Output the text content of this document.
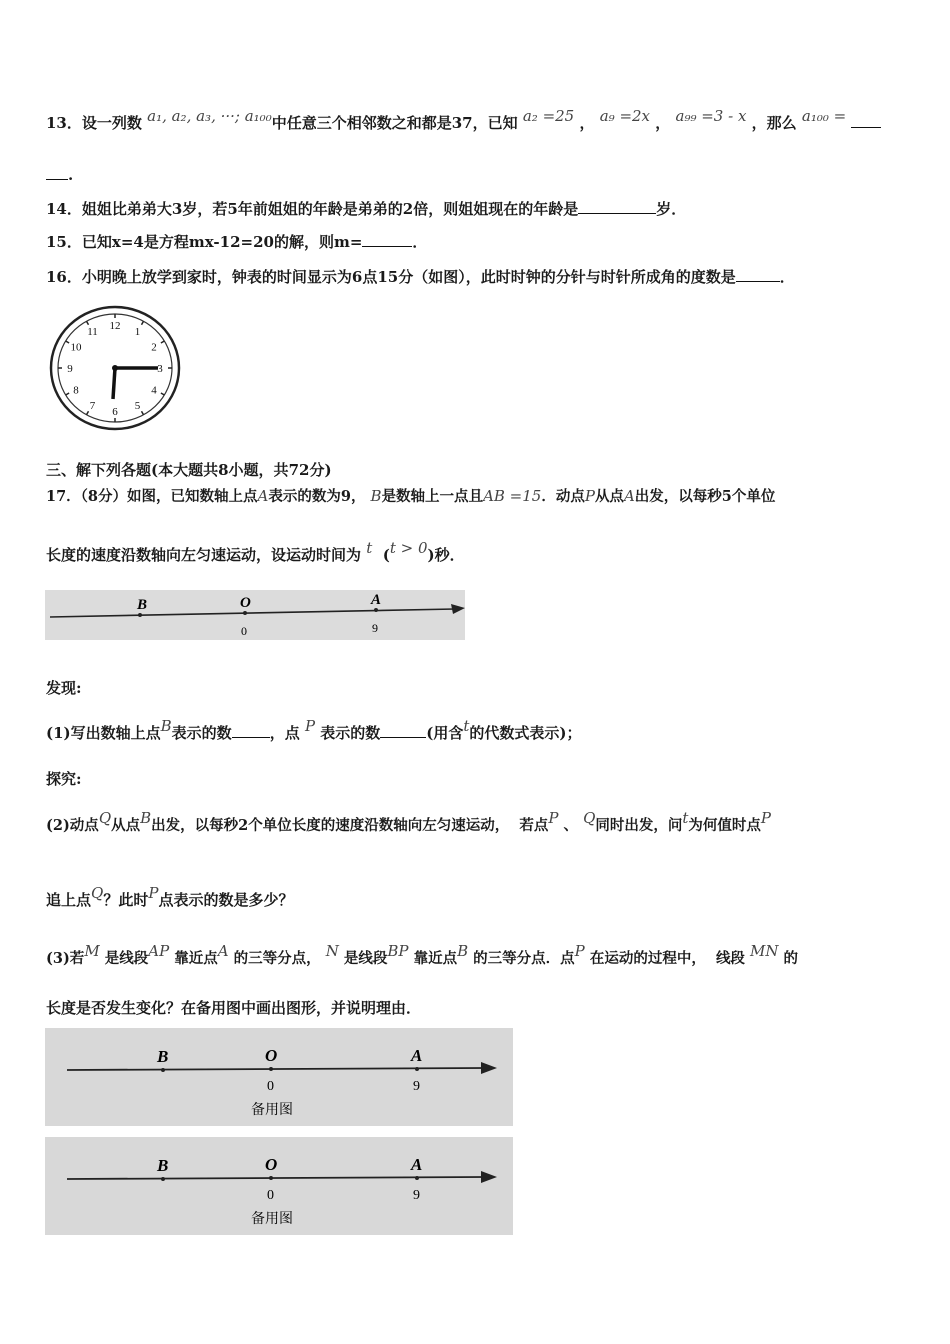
13．设一列数 a₁, a₂, a₃, ···; a₁₀₀中任意三个相邻数之和都是37，已知 a₂ =25 ， a₉ =2x ， a₉₉ =3 - x ，那么 a₁₀₀ =
.
14．姐姐比弟弟大3岁，若5年前姐姐的年龄是弟弟的2倍，则姐姐现在的年龄是	岁．
15．已知x=4是方程mx-12=20的解，则m=	．
16．小明晚上放学到家时，钟表的时间显示为6点15分（如图），此时时钟的分针与时针所成角的度数是	．
12 1
2
3
4
5
6
7
8
9
10
11
三、解下列各题(本大题共8小题，共72分)
17．（8分）如图，已知数轴上点A表示的数为9， B是数轴上一点且AB =15．动点P从点A出发，以每秒5个单位
长度的速度沿数轴向左匀速运动，设运动时间为 t (t > 0)秒．
B	O	A
0	9
发现:
(1)写出数轴上点B表示的数	，点 P 表示的数	(用含t的代数式表示)；
探究:
(2)动点Q从点B出发，以每秒2个单位长度的速度沿数轴向左匀速运动， 若点P 、 Q同时出发，问t为何值时点P
追上点Q？此时P点表示的数是多少？
(3)若M 是线段AP 靠近点A 的三等分点， N 是线段BP 靠近点B 的三等分点．点P 在运动的过程中， 线段 MN 的
长度是否发生变化？在备用图中画出图形，并说明理由．
B	O	A
0	9
备用图
B	O	A
0	9
备用图
